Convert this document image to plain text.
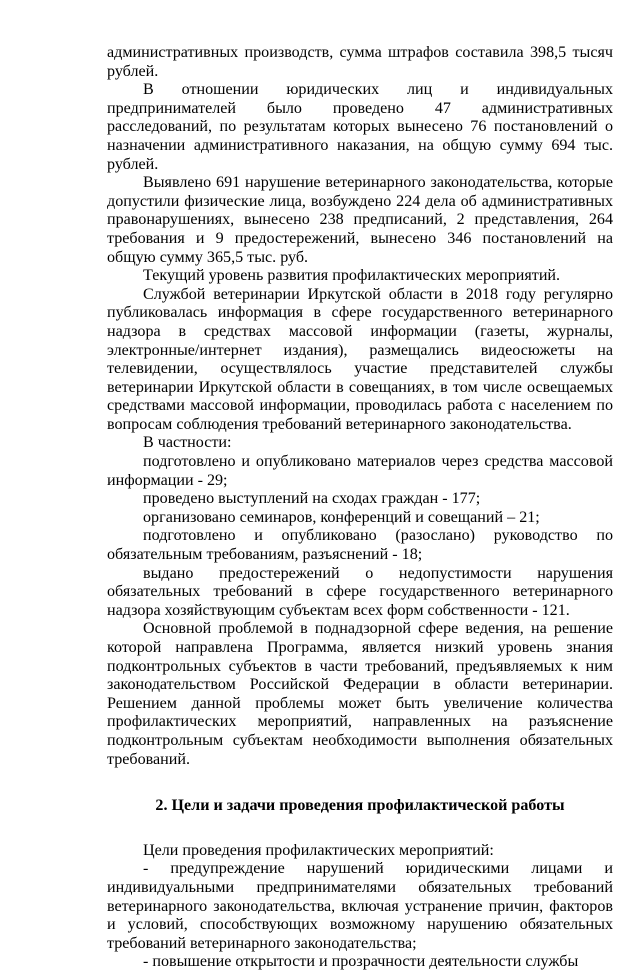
административных производств, сумма штрафов составила 398,5 тысяч рублей.

В отношении юридических лиц и индивидуальных предпринимателей было проведено 47 административных расследований, по результатам которых вынесено 76 постановлений о назначении административного наказания, на общую сумму 694 тыс. рублей.

Выявлено 691 нарушение ветеринарного законодательства, которые допустили физические лица, возбуждено 224 дела об административных правонарушениях, вынесено 238 предписаний, 2 представления, 264 требования и 9 предостережений, вынесено 346 постановлений на общую сумму 365,5 тыс. руб.

Текущий уровень развития профилактических мероприятий.

Службой ветеринарии Иркутской области в 2018 году регулярно публиковалась информация в сфере государственного ветеринарного надзора в средствах массовой информации (газеты, журналы, электронные/интернет издания), размещались видеосюжеты на телевидении, осуществлялось участие представителей службы ветеринарии Иркутской области в совещаниях, в том числе освещаемых средствами массовой информации, проводилась работа с населением по вопросам соблюдения требований ветеринарного законодательства.

В частности:

подготовлено и опубликовано материалов через средства массовой информации - 29;

проведено выступлений на сходах граждан - 177;

организовано семинаров, конференций и совещаний – 21;

подготовлено и опубликовано (разослано) руководство по обязательным требованиям, разъяснений - 18;

выдано предостережений о недопустимости нарушения обязательных требований в сфере государственного ветеринарного надзора хозяйствующим субъектам всех форм собственности - 121.

Основной проблемой в поднадзорной сфере ведения, на решение которой направлена Программа, является низкий уровень знания подконтрольных субъектов в части требований, предъявляемых к ним законодательством Российской Федерации в области ветеринарии. Решением данной проблемы может быть увеличение количества профилактических мероприятий, направленных на разъяснение подконтрольным субъектам необходимости выполнения обязательных требований.

2. Цели и задачи проведения профилактической работы

Цели проведения профилактических мероприятий:

- предупреждение нарушений юридическими лицами и индивидуальными предпринимателями обязательных требований ветеринарного законодательства, включая устранение причин, факторов и условий, способствующих возможному нарушению обязательных требований ветеринарного законодательства;

- повышение открытости и прозрачности деятельности службы
